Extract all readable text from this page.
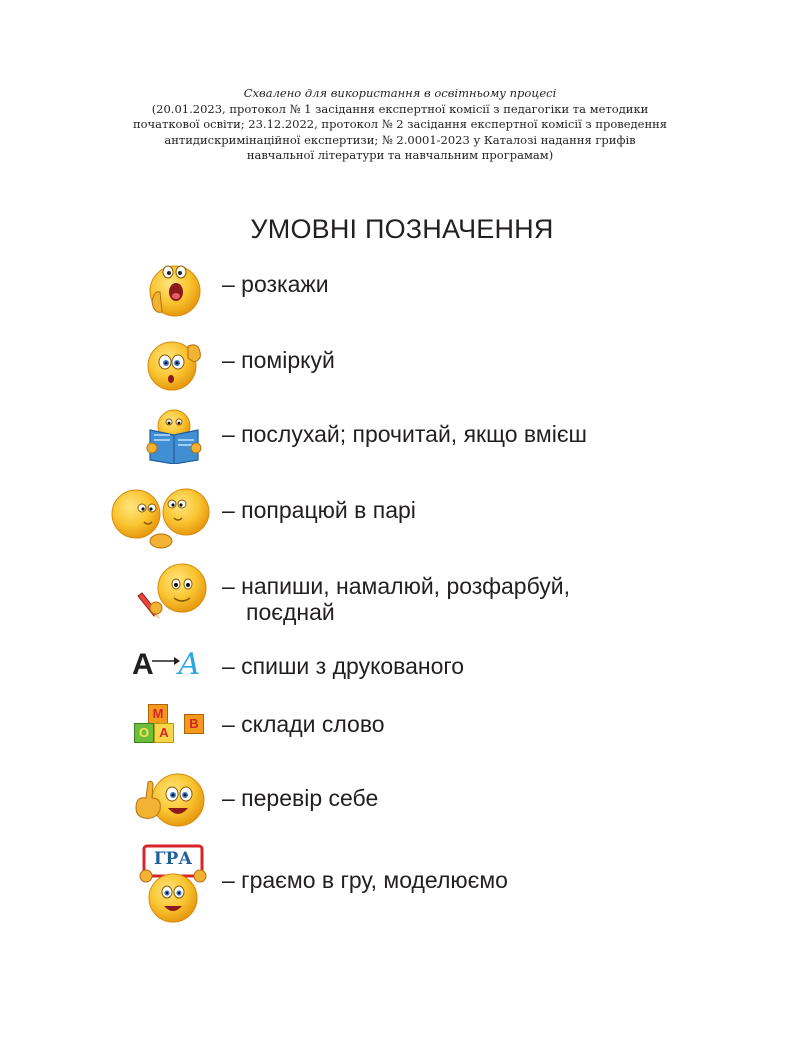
Схвалено для використання в освітньому процесі
(20.01.2023, протокол № 1 засідання експертної комісії з педагогіки та методики
початкової освіти; 23.12.2022, протокол № 2 засідання експертної комісії з проведення
антидискримінаційної експертизи; № 2.0001-2023 у Каталозі надання грифів
навчальної літератури та навчальним програмам)
УМОВНІ ПОЗНАЧЕННЯ
– розкажи
– поміркуй
– послухай; прочитай, якщо вмієш
– попрацюй в парі
– напиши, намалюй, розфарбуй,
поєднай
А А – спиши з друкованого
М
О А
В – склади слово
– перевір себе
ГРА
– граємо в гру, моделюємо
